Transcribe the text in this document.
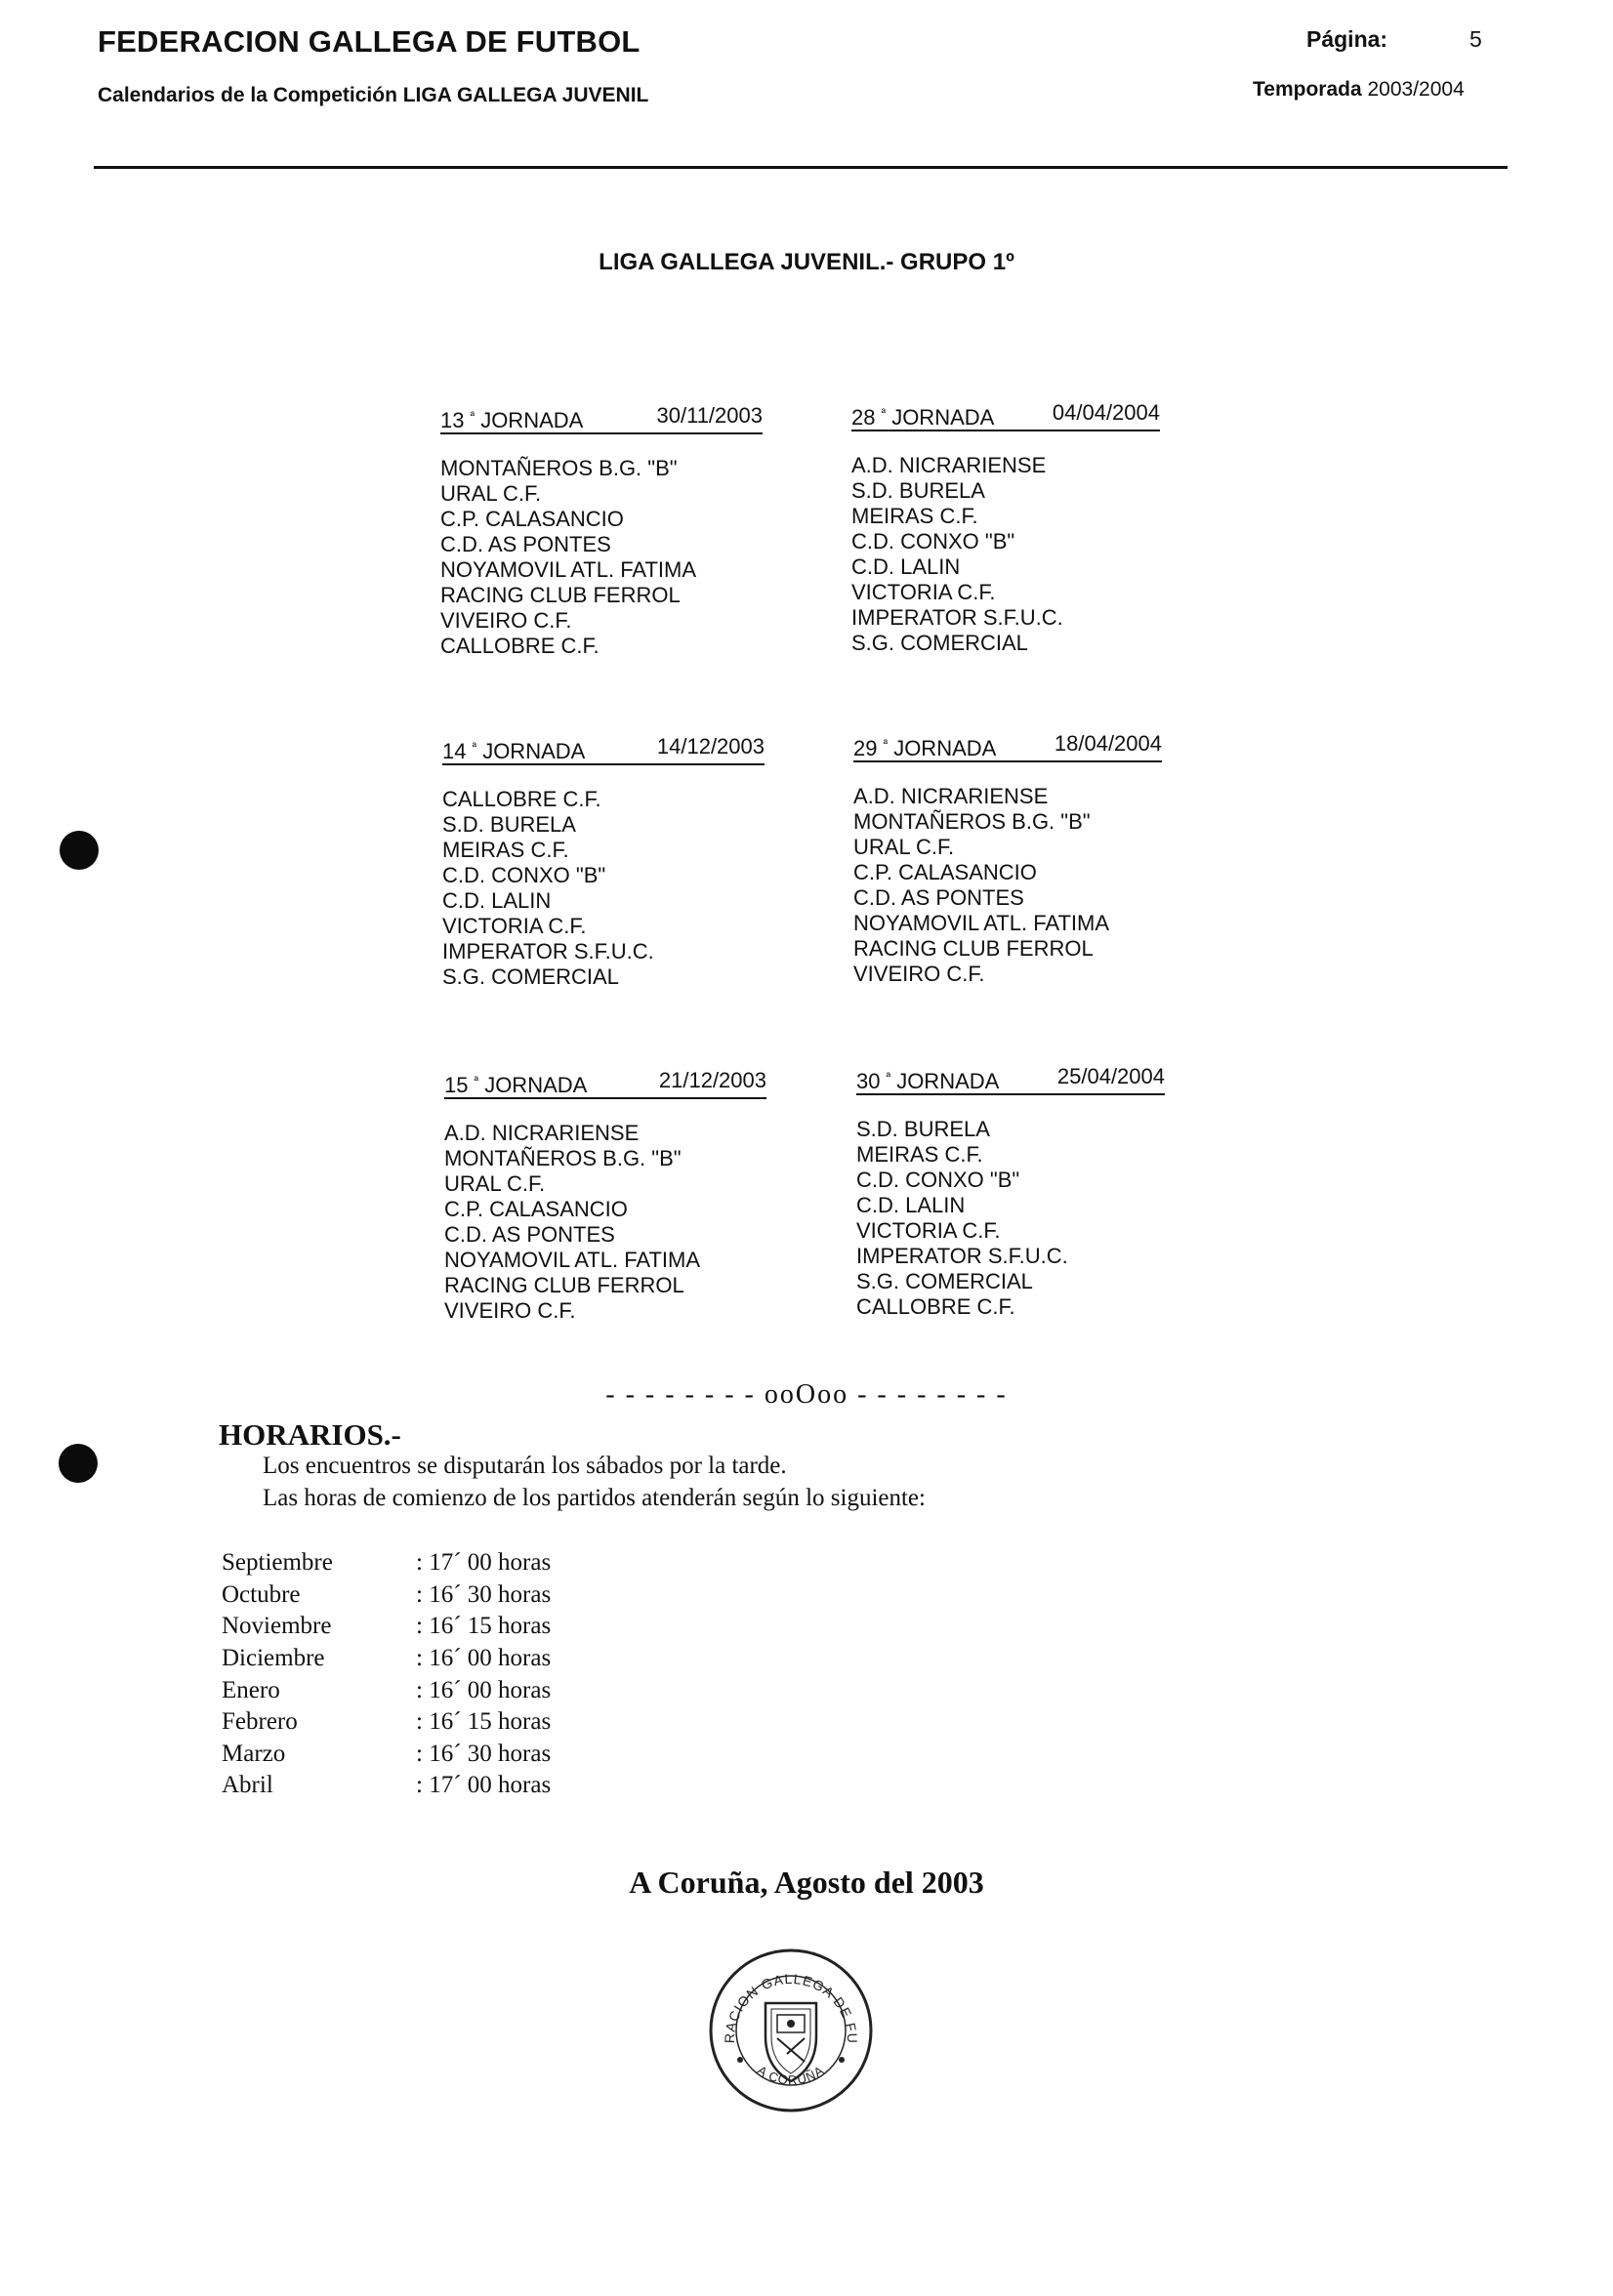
FEDERACION GALLEGA DE FUTBOL
Calendarios de la Competición LIGA GALLEGA JUVENIL
Página:	5
Temporada 2003/2004
LIGA GALLEGA JUVENIL.- GRUPO 1º
13 $^ª$ JORNADA	30/11/2003
MONTAÑEROS B.G. "B"
URAL C.F.
C.P. CALASANCIO
C.D. AS PONTES
NOYAMOVIL ATL. FATIMA
RACING CLUB FERROL
VIVEIRO C.F.
CALLOBRE C.F.
28 $^ª$ JORNADA	04/04/2004
A.D. NICRARIENSE
S.D. BURELA
MEIRAS C.F.
C.D. CONXO "B"
C.D. LALIN
VICTORIA C.F.
IMPERATOR S.F.U.C.
S.G. COMERCIAL
14 $^ª$ JORNADA	14/12/2003
CALLOBRE C.F.
S.D. BURELA
MEIRAS C.F.
C.D. CONXO "B"
C.D. LALIN
VICTORIA C.F.
IMPERATOR S.F.U.C.
S.G. COMERCIAL
29 $^ª$ JORNADA	18/04/2004
A.D. NICRARIENSE
MONTAÑEROS B.G. "B"
URAL C.F.
C.P. CALASANCIO
C.D. AS PONTES
NOYAMOVIL ATL. FATIMA
RACING CLUB FERROL
VIVEIRO C.F.
15 $^ª$ JORNADA	21/12/2003
A.D. NICRARIENSE
MONTAÑEROS B.G. "B"
URAL C.F.
C.P. CALASANCIO
C.D. AS PONTES
NOYAMOVIL ATL. FATIMA
RACING CLUB FERROL
VIVEIRO C.F.
30 $^ª$ JORNADA	25/04/2004
S.D. BURELA
MEIRAS C.F.
C.D. CONXO "B"
C.D. LALIN
VICTORIA C.F.
IMPERATOR S.F.U.C.
S.G. COMERCIAL
CALLOBRE C.F.
- - - - - - - - ooOoo - - - - - - - -
HORARIOS.-
Los encuentros se disputarán los sábados por la tarde.
Las horas de comienzo de los partidos atenderán según lo siguiente:
Septiembre	: 17´ 00 horas
Octubre	: 16´ 30 horas
Noviembre	: 16´ 15 horas
Diciembre	: 16´ 00 horas
Enero	: 16´ 00 horas
Febrero	: 16´ 15 horas
Marzo	: 16´ 30 horas
Abril	: 17´ 00 horas
A Coruña, Agosto del 2003
RACION GALLEGA DE FU
A CORUÑA
